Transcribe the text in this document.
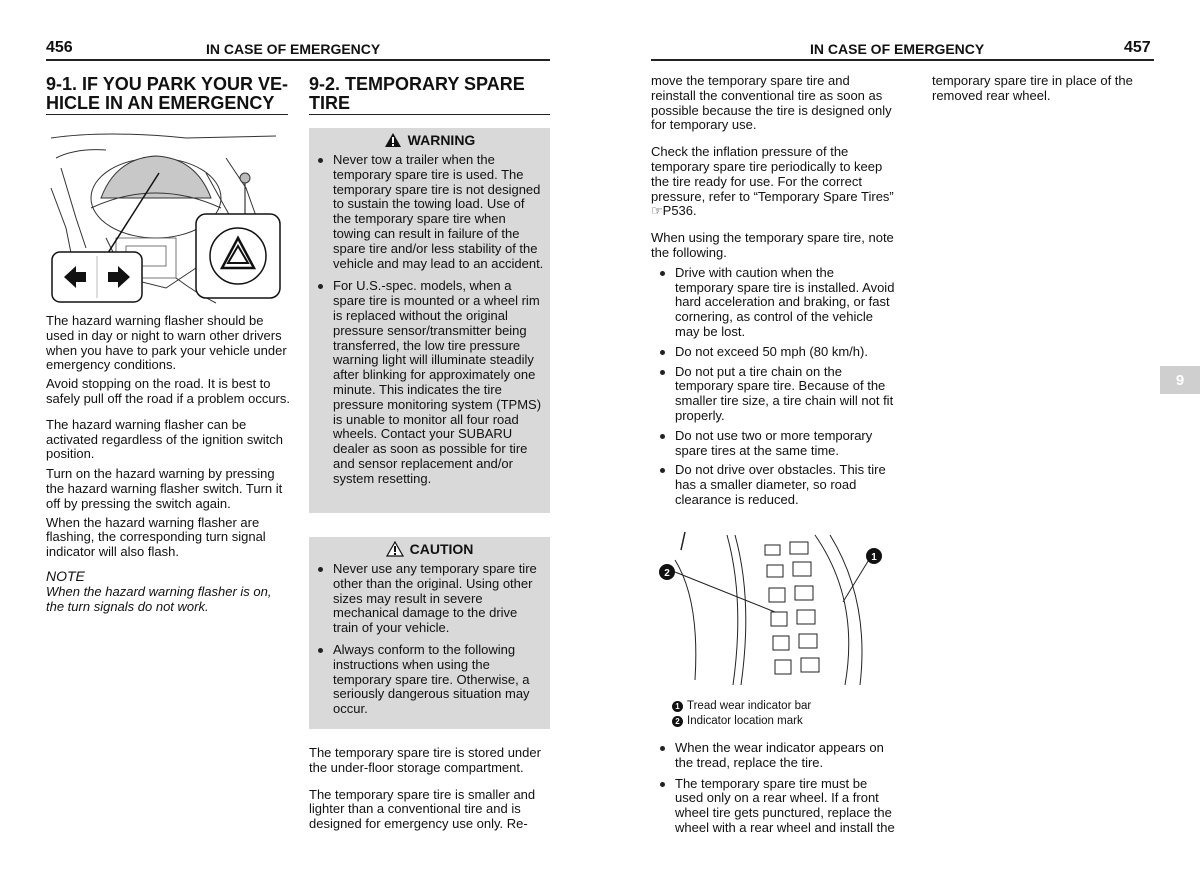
456	IN CASE OF EMERGENCY
9-1. IF YOU PARK YOUR VE-
HICLE IN AN EMERGENCY

The hazard warning flasher should be used in day or night to warn other drivers when you have to park your vehicle under emergency conditions.

Avoid stopping on the road. It is best to safely pull off the road if a problem occurs.

The hazard warning flasher can be activated regardless of the ignition switch position.

Turn on the hazard warning by pressing the hazard warning flasher switch. Turn it off by pressing the switch again.

When the hazard warning flasher are flashing, the corresponding turn signal indicator will also flash.

NOTE
When the hazard warning flasher is on, the turn signals do not work.
9-2. TEMPORARY SPARE
TIRE
WARNING
Never tow a trailer when the temporary spare tire is used. The temporary spare tire is not designed to sustain the towing load. Use of the temporary spare tire when towing can result in failure of the spare tire and/or less stability of the vehicle and may lead to an accident.
For U.S.-spec. models, when a spare tire is mounted or a wheel rim is replaced without the original pressure sensor/transmitter being transferred, the low tire pressure warning light will illuminate steadily after blinking for approximately one minute. This indicates the tire pressure monitoring system (TPMS) is unable to monitor all four road wheels. Contact your SUBARU dealer as soon as possible for tire and sensor replacement and/or system resetting.
CAUTION
Never use any temporary spare tire other than the original. Using other sizes may result in severe mechanical damage to the drive train of your vehicle.
Always conform to the following instructions when using the temporary spare tire. Otherwise, a seriously dangerous situation may occur.

The temporary spare tire is stored under the under-floor storage compartment.

The temporary spare tire is smaller and lighter than a conventional tire and is designed for emergency use only. Re-

IN CASE OF EMERGENCY	457

move the temporary spare tire and reinstall the conventional tire as soon as possible because the tire is designed only for temporary use.

Check the inflation pressure of the temporary spare tire periodically to keep the tire ready for use. For the correct pressure, refer to “Temporary Spare Tires” ☞P536.

When using the temporary spare tire, note the following.

Drive with caution when the temporary spare tire is installed. Avoid hard acceleration and braking, or fast cornering, as control of the vehicle may be lost.
Do not exceed 50 mph (80 km/h).
Do not put a tire chain on the temporary spare tire. Because of the smaller tire size, a tire chain will not fit properly.
Do not use two or more temporary spare tires at the same time.
Do not drive over obstacles. This tire has a smaller diameter, so road clearance is reduced.
2
1
1 Tread wear indicator bar
2 Indicator location mark
When the wear indicator appears on the tread, replace the tire.
The temporary spare tire must be used only on a rear wheel. If a front wheel tire gets punctured, replace the wheel with a rear wheel and install the

temporary spare tire in place of the removed rear wheel.

9
